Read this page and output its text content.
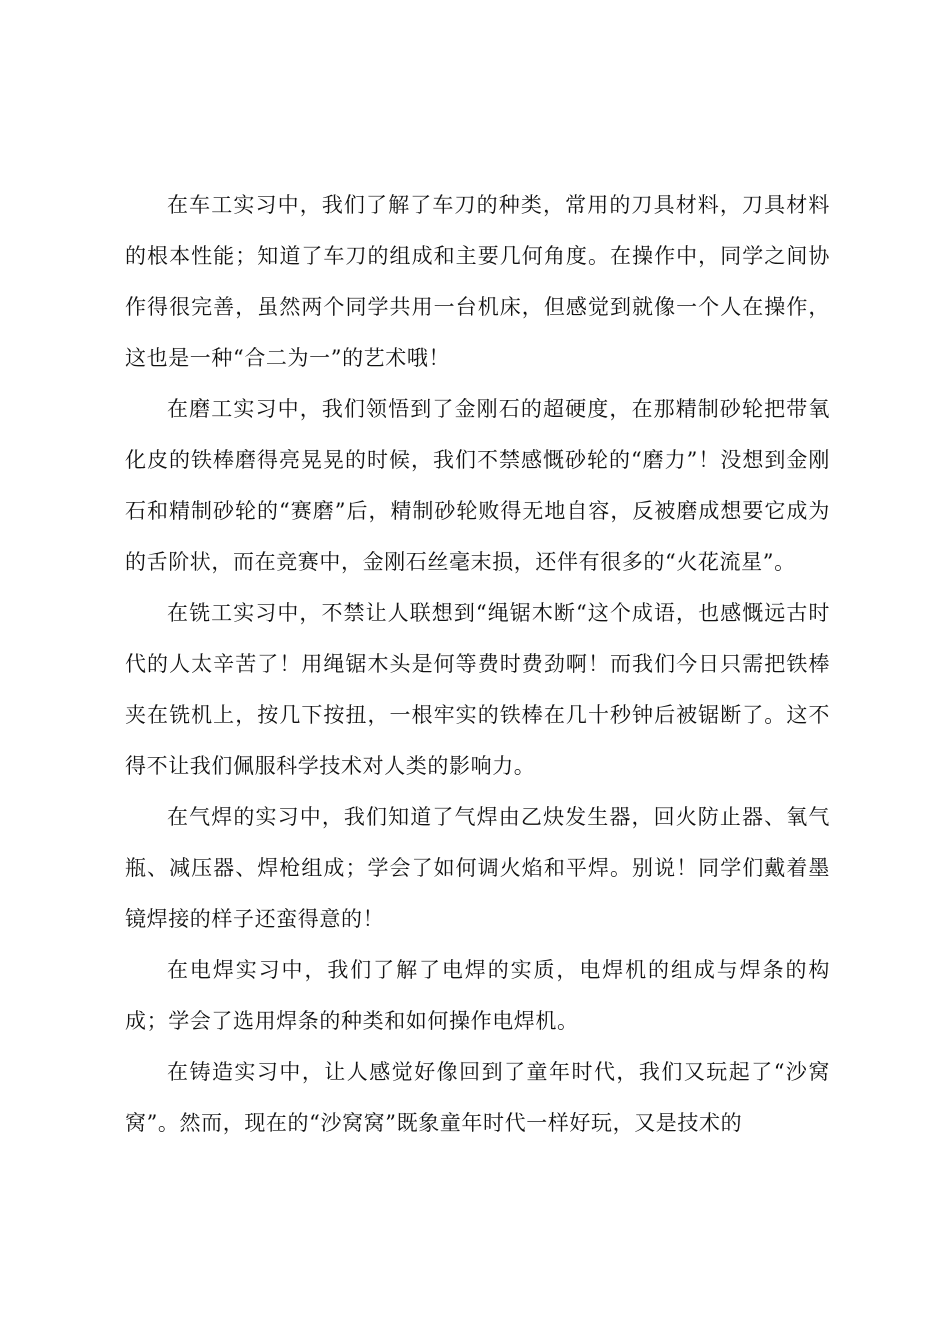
在车工实习中，我们了解了车刀的种类，常用的刀具材料，刀具材料的根本性能；知道了车刀的组成和主要几何角度。在操作中，同学之间协作得很完善，虽然两个同学共用一台机床，但感觉到就像一个人在操作，这也是一种“合二为一”的艺术哦！

在磨工实习中，我们领悟到了金刚石的超硬度，在那精制砂轮把带氧化皮的铁棒磨得亮晃晃的时候，我们不禁感慨砂轮的“磨力”！没想到金刚石和精制砂轮的“赛磨”后，精制砂轮败得无地自容，反被磨成想要它成为的舌阶状，而在竞赛中，金刚石丝毫末损，还伴有很多的“火花流星”。

在铣工实习中，不禁让人联想到“绳锯木断“这个成语，也感慨远古时代的人太辛苦了！用绳锯木头是何等费时费劲啊！而我们今日只需把铁棒夹在铣机上，按几下按扭，一根牢实的铁棒在几十秒钟后被锯断了。这不得不让我们佩服科学技术对人类的影响力。

在气焊的实习中，我们知道了气焊由乙炔发生器，回火防止器、氧气瓶、减压器、焊枪组成；学会了如何调火焰和平焊。别说！同学们戴着墨镜焊接的样子还蛮得意的！

在电焊实习中，我们了解了电焊的实质，电焊机的组成与焊条的构成；学会了选用焊条的种类和如何操作电焊机。

在铸造实习中，让人感觉好像回到了童年时代，我们又玩起了“沙窝窝”。然而，现在的“沙窝窝”既象童年时代一样好玩，又是技术的
